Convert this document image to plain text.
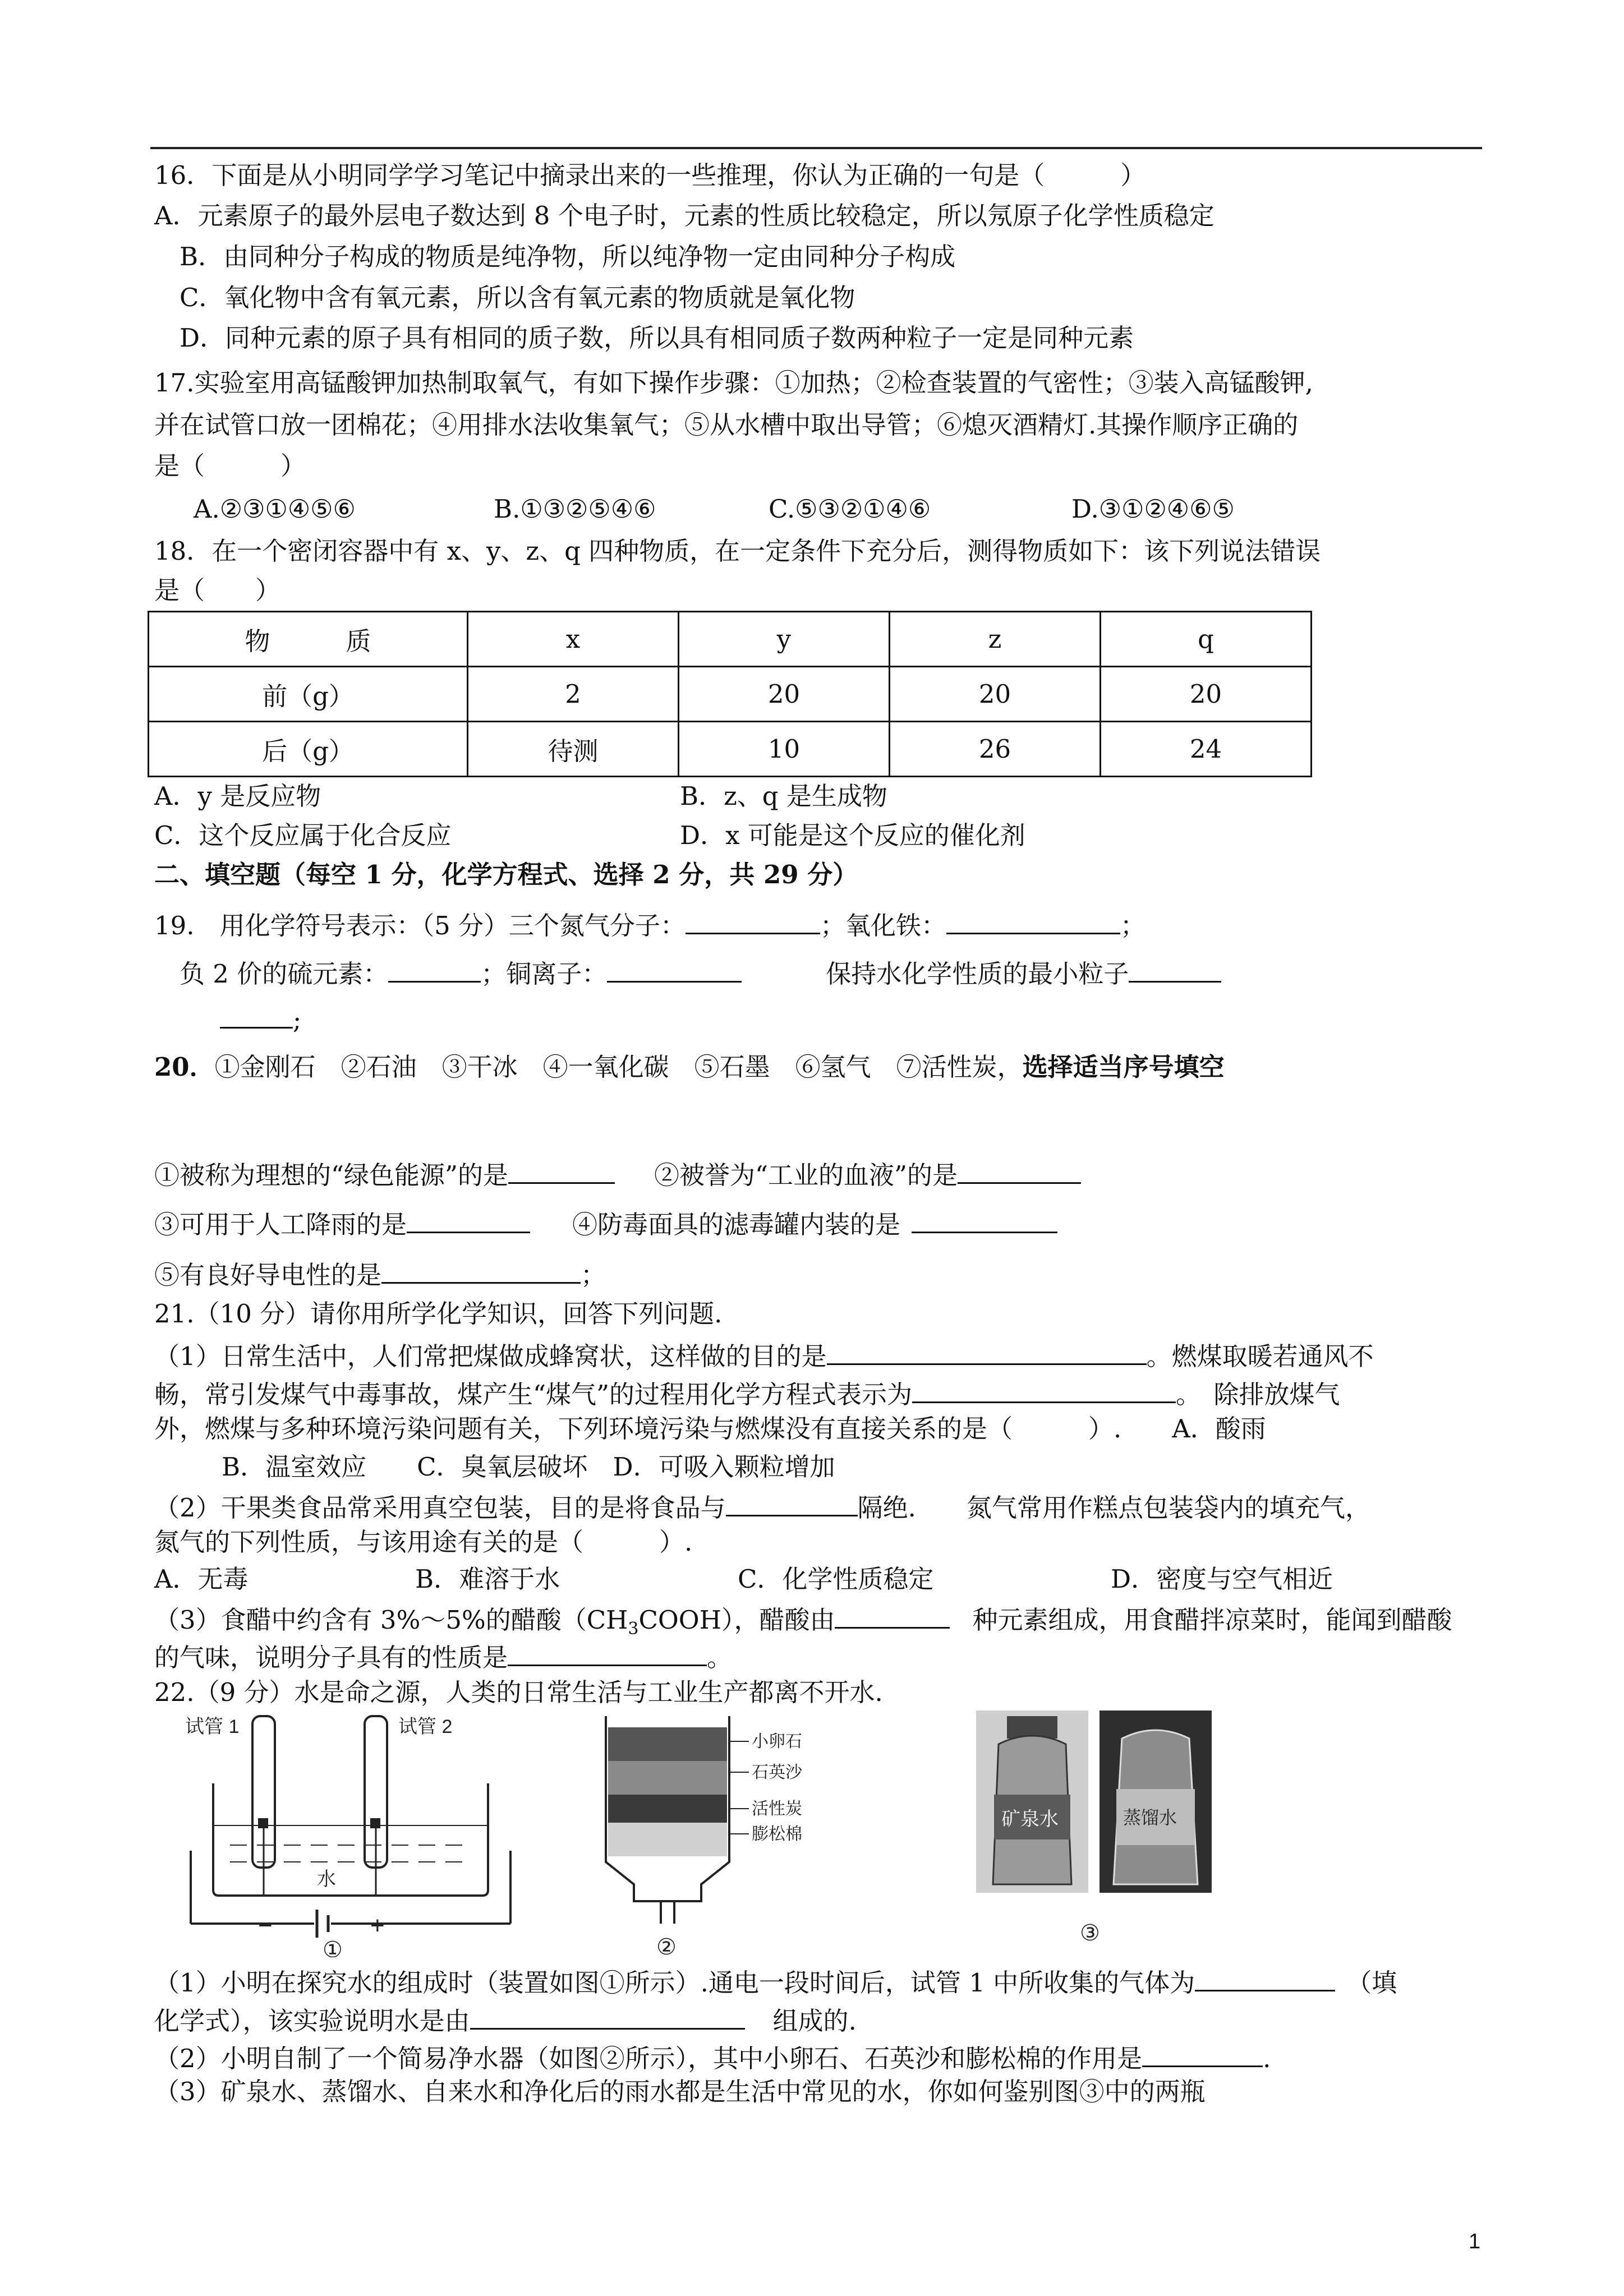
16．下面是从小明同学学习笔记中摘录出来的一些推理，你认为正确的一句是（　　　）
A．元素原子的最外层电子数达到 8 个电子时，元素的性质比较稳定，所以氖原子化学性质稳定
B．由同种分子构成的物质是纯净物，所以纯净物一定由同种分子构成
C．氧化物中含有氧元素，所以含有氧元素的物质就是氧化物
D．同种元素的原子具有相同的质子数，所以具有相同质子数两种粒子一定是同种元素
17.实验室用高锰酸钾加热制取氧气，有如下操作步骤：①加热；②检查装置的气密性；③装入高锰酸钾,
并在试管口放一团棉花；④用排水法收集氧气；⑤从水槽中取出导管；⑥熄灭酒精灯.其操作顺序正确的
是（　　　）
A.②③①④⑤⑥	B.①③②⑤④⑥	C.⑤③②①④⑥	D.③①②④⑥⑤
18．在一个密闭容器中有 x、y、z、q 四种物质，在一定条件下充分后，测得物质如下：该下列说法错误
是（　　）
物　　　质	x	y	z	q
前（g）	2	20	20	20
后（g）	待测	10	26	24
A．y 是反应物	B．z、q 是生成物
C．这个反应属于化合反应	D．x 可能是这个反应的催化剂
二、填空题（每空 1 分，化学方程式、选择 2 分，共 29 分）
19.　用化学符号表示：（5 分）三个氮气分子：	；氧化铁：	；
负 2 价的硫元素：	；铜离子：	保持水化学性质的最小粒子
;
20．①金刚石　②石油　③干冰　④一氧化碳　⑤石墨　⑥氢气　⑦活性炭，选择适当序号填空
①被称为理想的“绿色能源”的是	②被誉为“工业的血液”的是
③可用于人工降雨的是	④防毒面具的滤毒罐内装的是
⑤有良好导电性的是	；
21.（10 分）请你用所学化学知识，回答下列问题.
（1）日常生活中，人们常把煤做成蜂窝状，这样做的目的是	。燃煤取暖若通风不
畅，常引发煤气中毒事故，煤产生“煤气”的过程用化学方程式表示为	。　除排放煤气
外，燃煤与多种环境污染问题有关，下列环境污染与燃煤没有直接关系的是（　　　）.　　A．酸雨
B．温室效应　　C．臭氧层破坏　D．可吸入颗粒增加
（2）干果类食品常采用真空包装，目的是将食品与	隔绝.　　氮气常用作糕点包装袋内的填充气，
氮气的下列性质，与该用途有关的是（　　　）.
A．无毒	B．难溶于水	C．化学性质稳定	D．密度与空气相近
（3）食醋中约含有 3%～5%的醋酸$(CH_3COOH)$，醋酸由	种元素组成，用食醋拌凉菜时，能闻到醋酸
的气味，说明分子具有的性质是	。
22.（9 分）水是命之源，人类的日常生活与工业生产都离不开水.
试管 1	试管 2
水
−	+
①
小卵石
石英沙
活性炭
膨松棉
②
矿泉水	蒸馏水
③
（1）小明在探究水的组成时（装置如图①所示）.通电一段时间后，试管 1 中所收集的气体为	（填
化学式），该实验说明水是由	组成的.
（2）小明自制了一个简易净水器（如图②所示），其中小卵石、石英沙和膨松棉的作用是	.
（3）矿泉水、蒸馏水、自来水和净化后的雨水都是生活中常见的水，你如何鉴别图③中的两瓶
1
